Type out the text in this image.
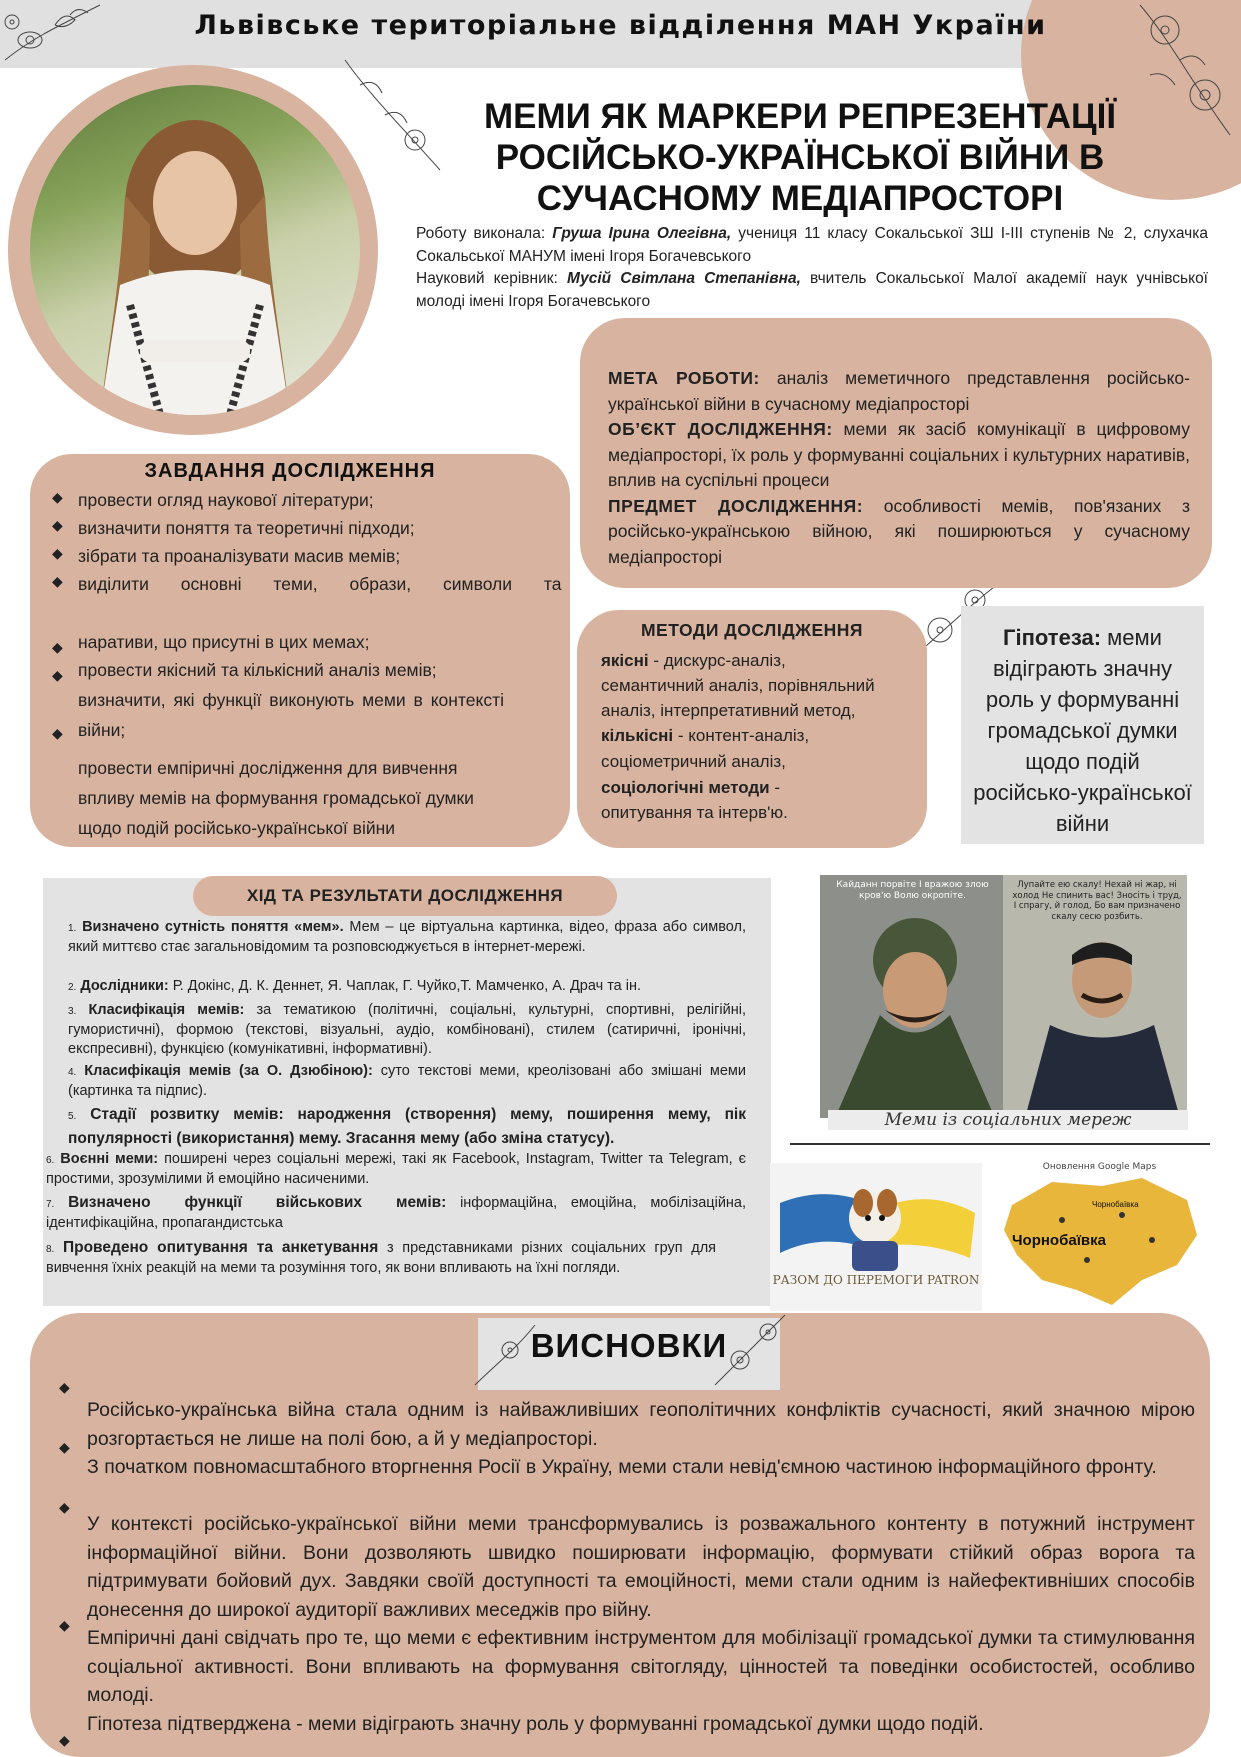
Львівське територіальне відділення МАН України
МЕМИ ЯК МАРКЕРИ РЕПРЕЗЕНТАЦІЇ
РОСІЙСЬКО-УКРАЇНСЬКОЇ ВІЙНИ В
СУЧАСНОМУ МЕДІАПРОСТОРІ
Роботу виконала: Груша Ірина Олегівна, учениця 11 класу Сокальської ЗШ І-ІІІ ступенів № 2, слухачка Сокальської МАНУМ імені Ігоря Богачевського
Науковий керівник: Мусій Світлана Степанівна, вчитель Сокальської Малої академії наук учнівської молоді імені Ігоря Богачевського

МЕТА РОБОТИ: аналіз меметичного представлення російсько-української війни в сучасному медіапросторі

ОБ’ЄКТ ДОСЛІДЖЕННЯ: меми як засіб комунікації в цифровому медіапросторі, їх роль у формуванні соціальних і культурних наративів, вплив на суспільні процеси

ПРЕДМЕТ ДОСЛІДЖЕННЯ: особливості мемів, пов'язаних з російсько-українською війною, які поширюються у сучасному медіапросторі

ЗАВДАННЯ ДОСЛІДЖЕННЯ
◆
◆
◆
◆
◆
◆
◆
провести огляд наукової літератури;
визначити поняття та теоретичні підходи;
зібрати та проаналізувати масив мемів;
виділити основні теми, образи, символи та
наративи, що присутні в цих мемах;
провести якісний та кількісний аналіз мемів;
визначити, які функції виконують меми в контексті
війни;
провести емпіричні дослідження для вивчення
впливу мемів на формування громадської думки
щодо подій російсько-української війни
МЕТОДИ ДОСЛІДЖЕННЯ
якісні - дискурс-аналіз,
семантичний аналіз, порівняльний
аналіз, інтерпретативний метод,
кількісні - контент-аналіз,
соціометричний аналіз,
соціологічні методи -
опитування та інтерв'ю.
Гіпотеза: меми
відіграють значну
роль у формуванні
громадської думки
щодо подій
російсько-української
війни
ХІД ТА РЕЗУЛЬТАТИ ДОСЛІДЖЕННЯ
1. Визначено сутність поняття «мем». Мем – це віртуальна картинка, відео, фраза або символ, який миттєво стає загальновідомим та розповсюджується в інтернет-мережі.
2. Дослідники: Р. Докінс, Д. К. Деннет, Я. Чаплак, Г. Чуйко,Т. Мамченко, А. Драч та ін.
3. Класифікація мемів: за тематикою (політичні, соціальні, культурні, спортивні, релігійні, гумористичні), формою (текстові, візуальні, аудіо, комбіновані), стилем (сатиричні, іронічні, експресивні), функцією (комунікативні, інформативні).
4. Класифікація мемів (за О. Дзюбіною): суто текстові меми, креолізовані або змішані меми (картинка та підпис).
5. Стадії розвитку мемів: народження (створення) мему, поширення мему, пік популярності (використання) мему. Згасання мему (або зміна статусу).
6. Воєнні меми: поширені через соціальні мережі, такі як Facebook, Instagram, Twitter та Telegram, є простими, зрозумілими й емоційно насиченими.
7. Визначено функції військових мемів: інформаційна, емоційна, мобілізаційна, ідентифікаційна, пропагандистська
8. Проведено опитування та анкетування з представниками різних соціальних груп для вивчення їхніх реакцій на меми та розуміння того, як вони впливають на їхні погляди.
Кайданн порвіте І вражою злою кров'ю Волю окропіте.
Лупайте ею скалу! Нехай ні жар, ні холод Не спинить вас! Зносіть і труд, І спрагу, й голод, Бо вам призначено скалу сесю розбить.
Меми із соціальних мереж
РАЗОМ ДО ПЕРЕМОГИ PATRON
Оновлення Google Maps
Чорнобаївка
Чорнобаївка
ВИСНОВКИ
◆
◆
◆
◆
◆
Російсько-українська війна стала одним із найважливіших геополітичних конфліктів сучасності, який значною мірою розгортається не лише на полі бою, а й у медіапросторі.
З початком повномасштабного вторгнення Росії в Україну, меми стали невід'ємною частиною інформаційного фронту.
У контексті російсько-української війни меми трансформувались із розважального контенту в потужний інструмент інформаційної війни. Вони дозволяють швидко поширювати інформацію, формувати стійкий образ ворога та підтримувати бойовий дух. Завдяки своїй доступності та емоційності, меми стали одним із найефективніших способів донесення до широкої аудиторії важливих меседжів про війну.
Емпіричні дані свідчать про те, що меми є ефективним інструментом для мобілізації громадської думки та стимулювання соціальної активності. Вони впливають на формування світогляду, цінностей та поведінки особистостей, особливо молоді.
Гіпотеза підтверджена - меми відіграють значну роль у формуванні громадської думки щодо подій.
